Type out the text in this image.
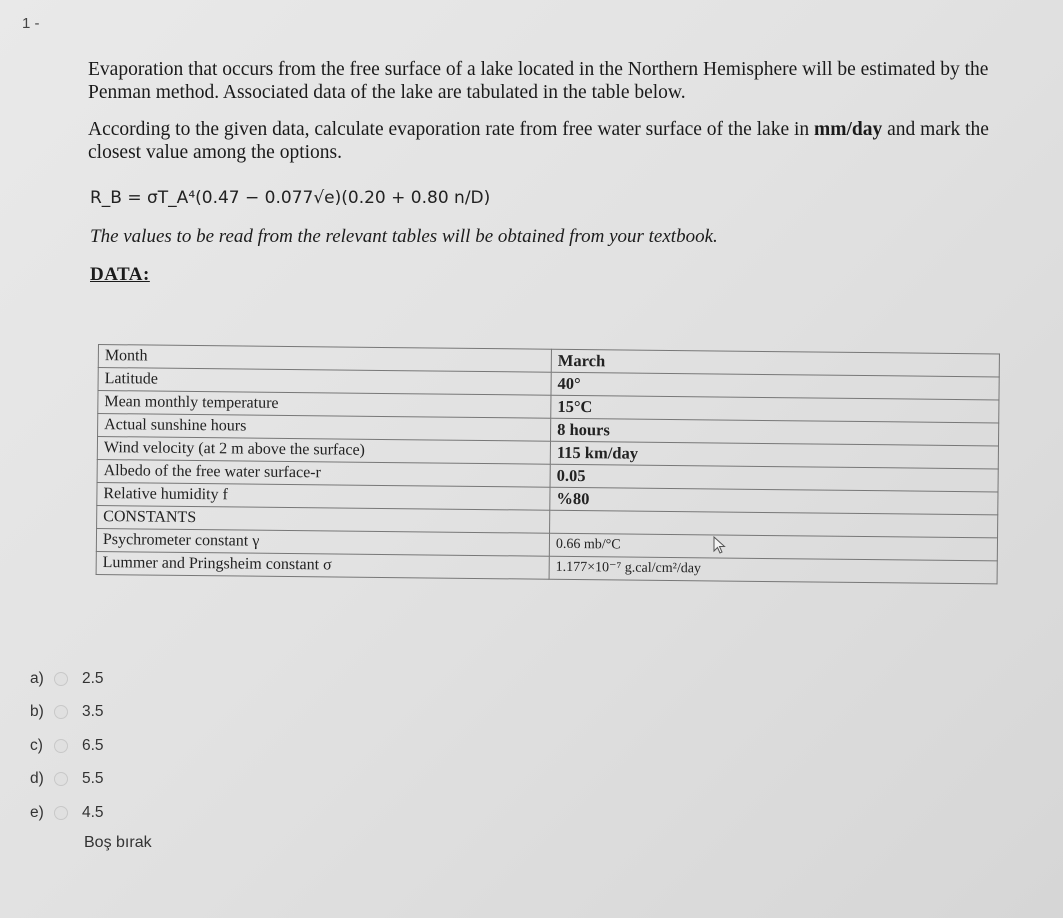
1 -

Evaporation that occurs from the free surface of a lake located in the Northern Hemisphere will be estimated by the Penman method. Associated data of the lake are tabulated in the table below.

According to the given data, calculate evaporation rate from free water surface of the lake in mm/day and mark the closest value among the options.

R_B = σT_A⁴(0.47 − 0.077√e)(0.20 + 0.80 n/D)
The values to be read from the relevant tables will be obtained from your textbook.
DATA:
Month	March
Latitude	40°
Mean monthly temperature	15°C
Actual sunshine hours	8 hours
Wind velocity (at 2 m above the surface)	115 km/day
Albedo of the free water surface-r	0.05
Relative humidity f	%80
CONSTANTS	
Psychrometer constant γ	0.66 mb/°C
Lummer and Pringsheim constant σ	1.177×10⁻⁷ g.cal/cm²/day
a)	2.5
b)	3.5
c)	6.5
d)	5.5
e)	4.5
Boş bırak
